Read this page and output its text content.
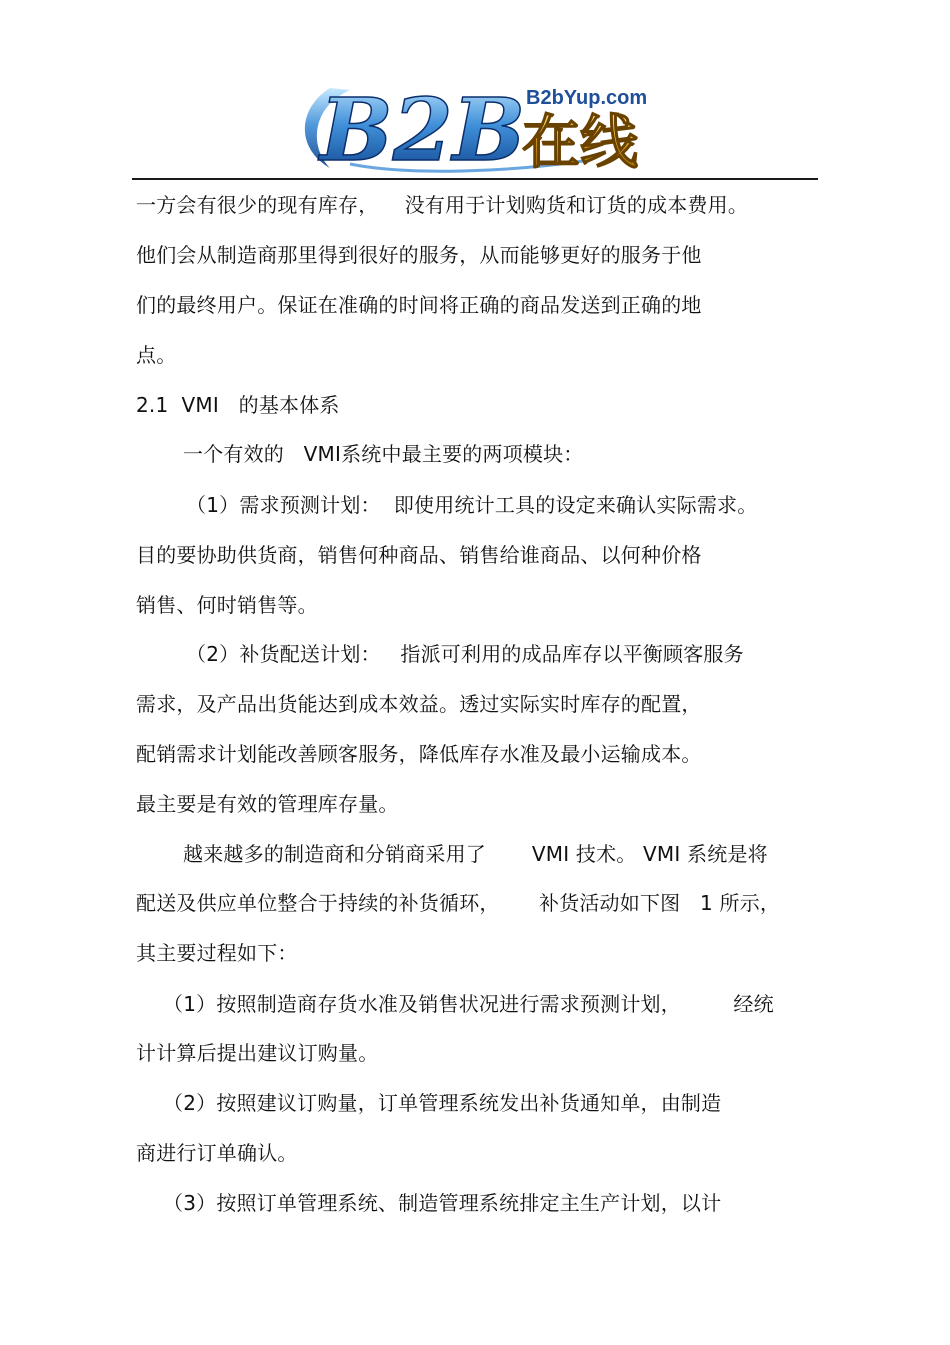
B2B B2bYup.com
在线
一方会有很少的现有库存，    没有用于计划购货和订货的成本费用。
他们会从制造商那里得到很好的服务，从而能够更好的服务于他
们的最终用户。保证在准确的时间将正确的商品发送到正确的地
点。
2.1  VMI   的基本体系
一个有效的   VMI系统中最主要的两项模块：
（1）需求预测计划：  即使用统计工具的设定来确认实际需求。
目的要协助供货商，销售何种商品、销售给谁商品、以何种价格
销售、何时销售等。
（2）补货配送计划：   指派可利用的成品库存以平衡顾客服务
需求，及产品出货能达到成本效益。透过实际实时库存的配置，
配销需求计划能改善顾客服务，降低库存水准及最小运输成本。
最主要是有效的管理库存量。
越来越多的制造商和分销商采用了       VMI 技术。 VMI 系统是将
配送及供应单位整合于持续的补货循环，      补货活动如下图   1 所示，
其主要过程如下：
（1）按照制造商存货水准及销售状况进行需求预测计划，        经统
计计算后提出建议订购量。
（2）按照建议订购量，订单管理系统发出补货通知单，由制造
商进行订单确认。
（3）按照订单管理系统、制造管理系统排定主生产计划，以计
